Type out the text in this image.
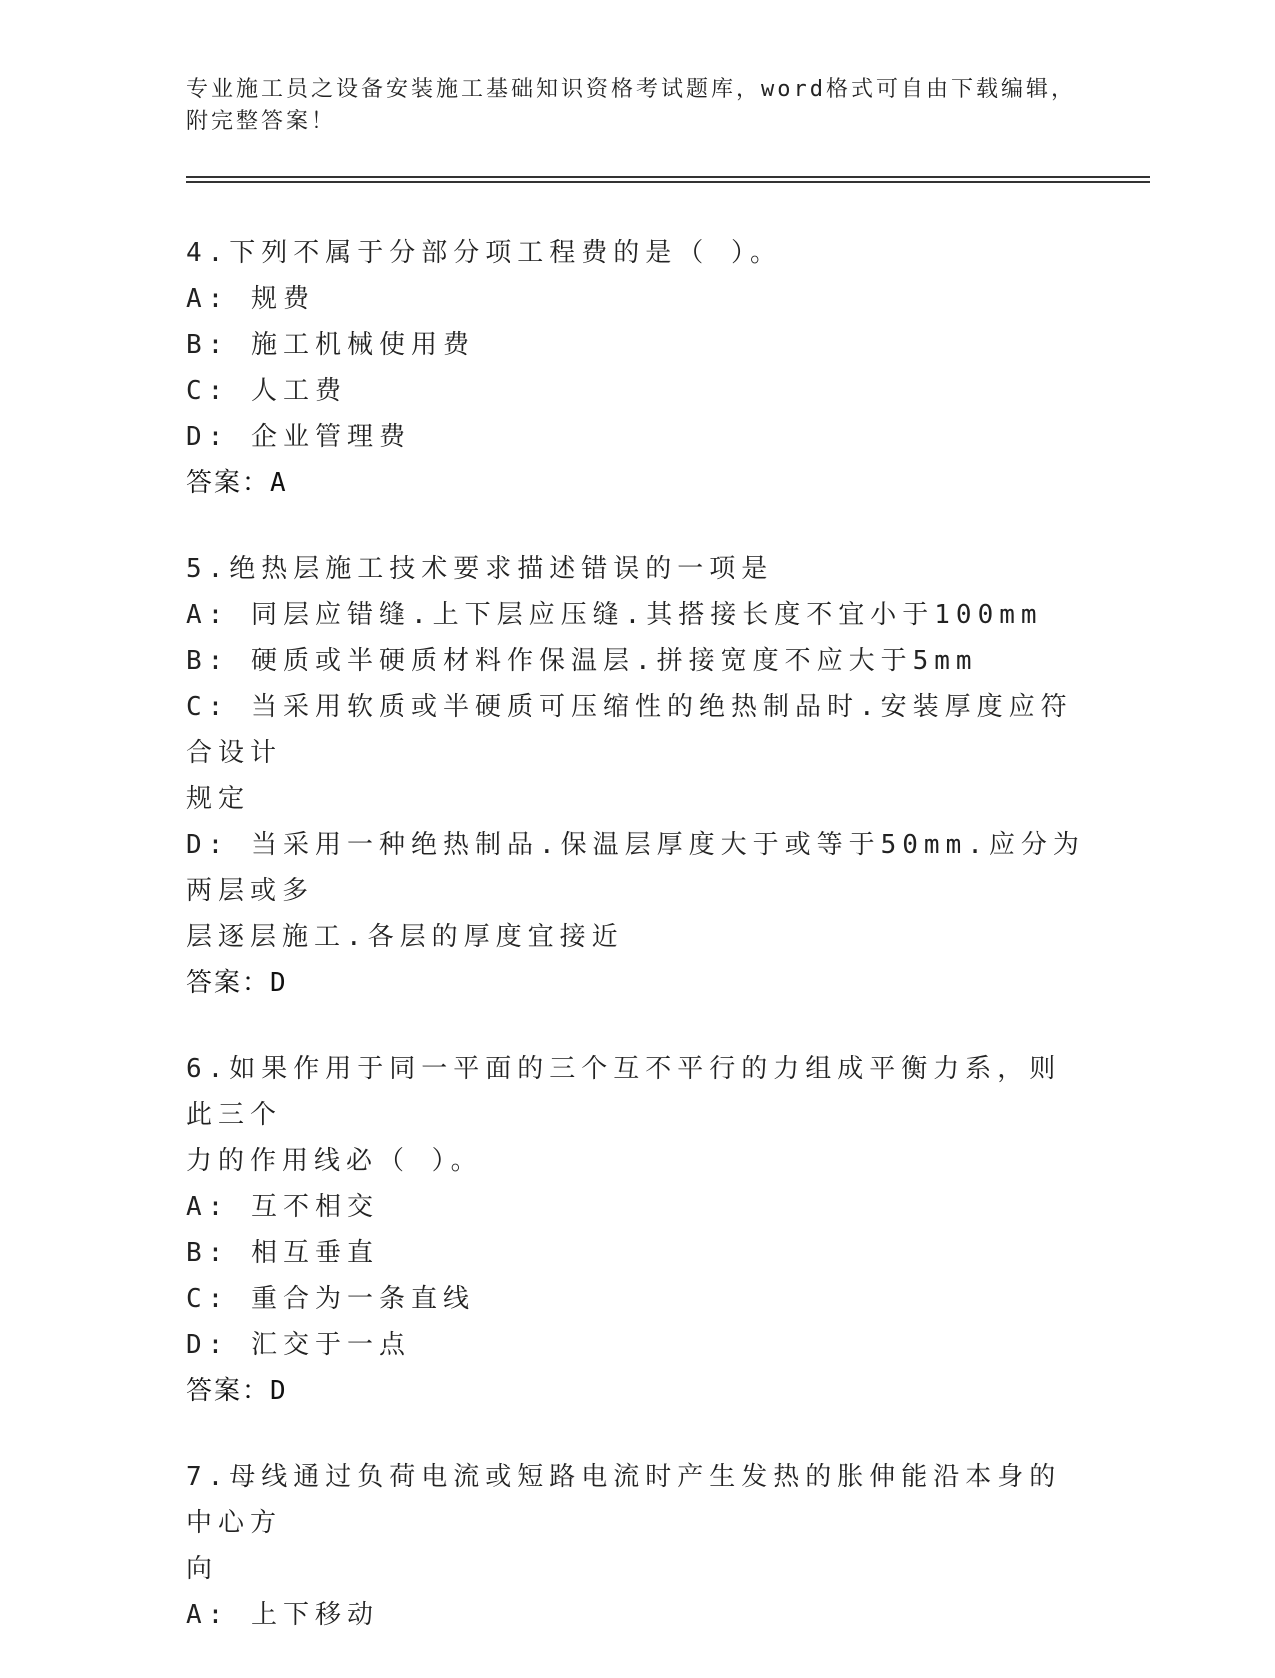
专业施工员之设备安装施工基础知识资格考试题库，word格式可自由下载编辑，
附完整答案！
4.下列不属于分部分项工程费的是（ ）。
A: 规费
B: 施工机械使用费
C: 人工费
D: 企业管理费
答案：A
5.绝热层施工技术要求描述错误的一项是
A: 同层应错缝.上下层应压缝.其搭接长度不宜小于100mm
B: 硬质或半硬质材料作保温层.拼接宽度不应大于5mm
C: 当采用软质或半硬质可压缩性的绝热制品时.安装厚度应符合设计
规定
D: 当采用一种绝热制品.保温层厚度大于或等于50mm.应分为两层或多
层逐层施工.各层的厚度宜接近
答案：D
6.如果作用于同一平面的三个互不平行的力组成平衡力系，则此三个
力的作用线必（ ）。
A: 互不相交
B: 相互垂直
C: 重合为一条直线
D: 汇交于一点
答案：D
7.母线通过负荷电流或短路电流时产生发热的胀伸能沿本身的中心方
向
A: 上下移动
